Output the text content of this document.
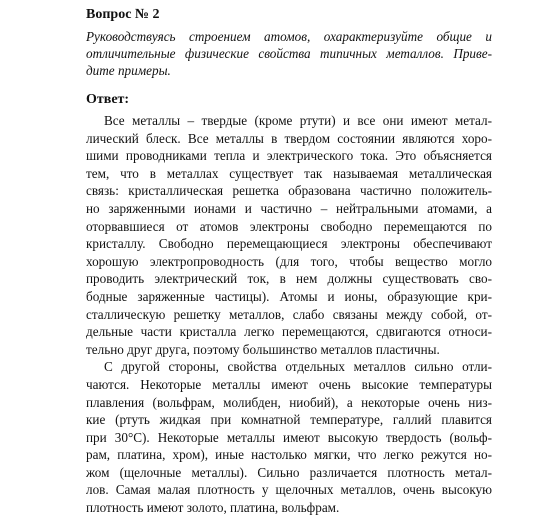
Вопрос № 2
Руководствуясь строением атомов, охарактеризуйте общие и
отличительные физические свойства типичных металлов. Приве-
дите примеры.
Ответ:
Все металлы – твердые (кроме ртути) и все они имеют метал-
лический блеск. Все металлы в твердом состоянии являются хоро-
шими проводниками тепла и электрического тока. Это объясняется
тем, что в металлах существует так называемая металлическая
связь: кристаллическая решетка образована частично положитель-
но заряженными ионами и частично – нейтральными атомами, а
оторвавшиеся от атомов электроны свободно перемещаются по
кристаллу. Свободно перемещающиеся электроны обеспечивают
хорошую электропроводность (для того, чтобы вещество могло
проводить электрический ток, в нем должны существовать сво-
бодные заряженные частицы). Атомы и ионы, образующие кри-
сталлическую решетку металлов, слабо связаны между собой, от-
дельные части кристалла легко перемещаются, сдвигаются относи-
тельно друг друга, поэтому большинство металлов пластичны.
С другой стороны, свойства отдельных металлов сильно отли-
чаются. Некоторые металлы имеют очень высокие температуры
плавления (вольфрам, молибден, ниобий), а некоторые очень низ-
кие (ртуть жидкая при комнатной температуре, галлий плавится
при 30°С). Некоторые металлы имеют высокую твердость (вольф-
рам, платина, хром), иные настолько мягки, что легко режутся но-
жом (щелочные металлы). Сильно различается плотность метал-
лов. Самая малая плотность у щелочных металлов, очень высокую
плотность имеют золото, платина, вольфрам.
